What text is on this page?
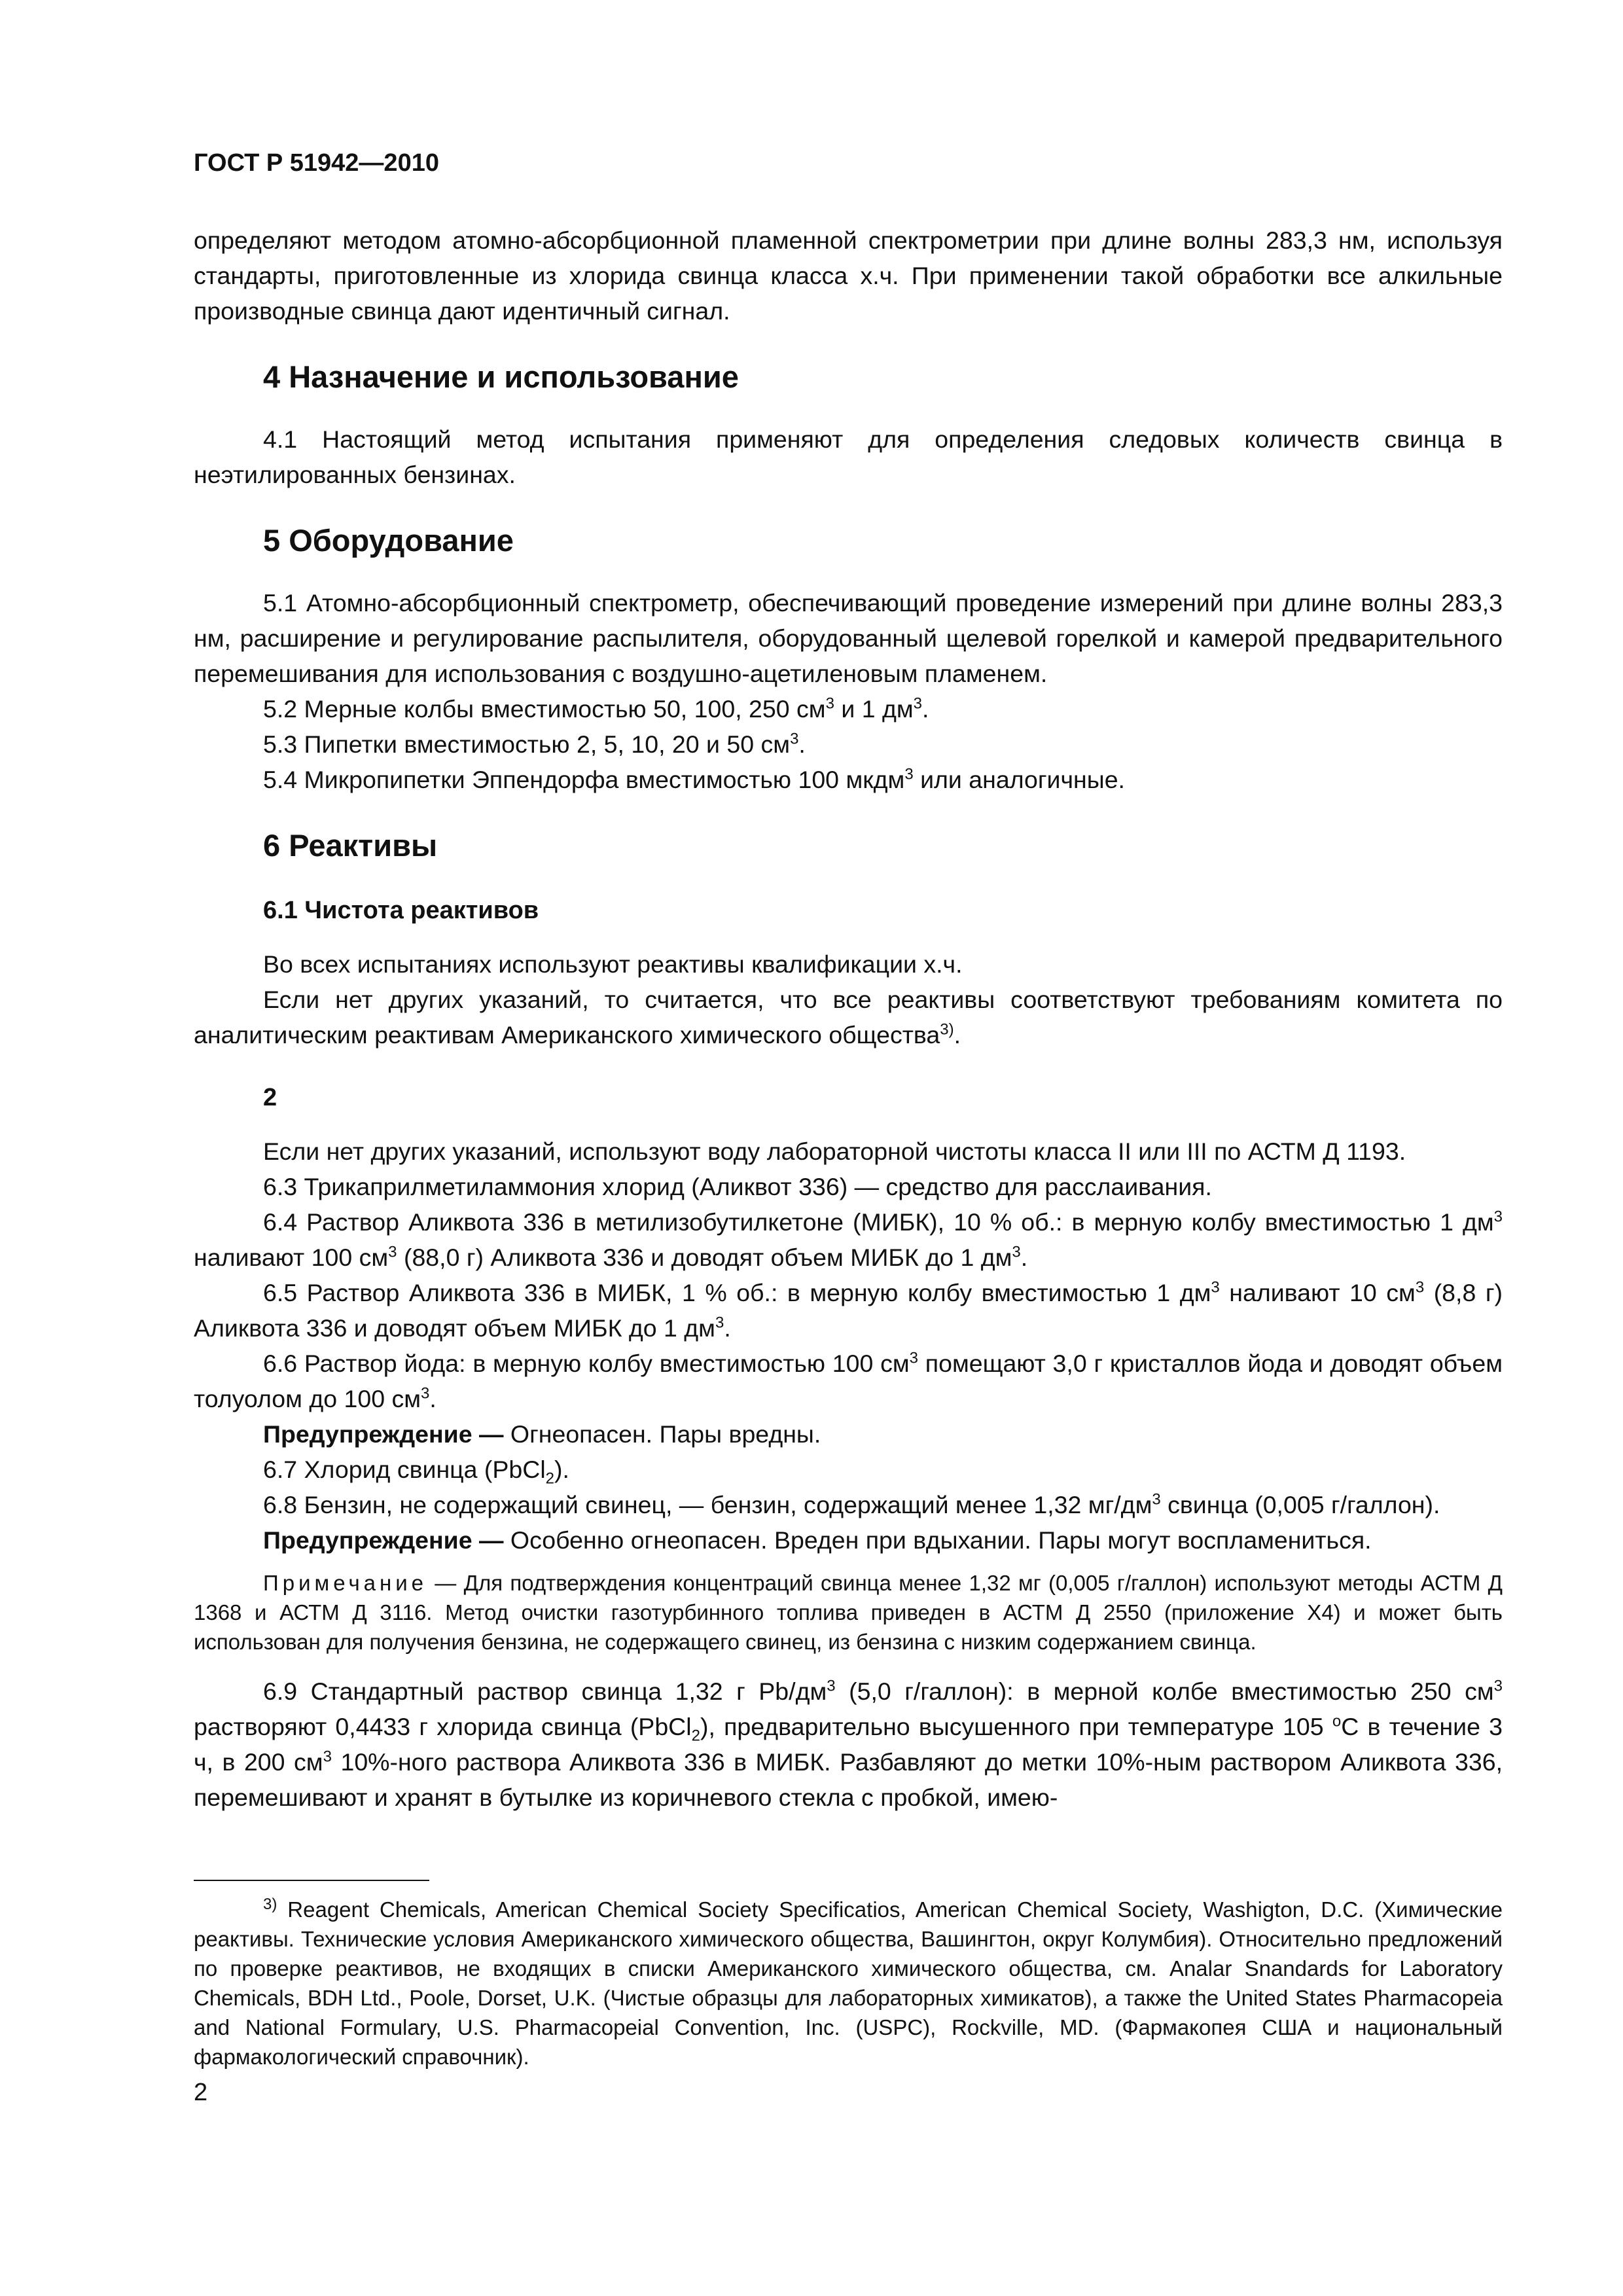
ГОСТ Р 51942—2010

определяют методом атомно-абсорбционной пламенной спектрометрии при длине волны 283,3 нм, используя стандарты, приготовленные из хлорида свинца класса х.ч. При применении такой обработки все алкильные производные свинца дают идентичный сигнал.

4 Назначение и использование

4.1 Настоящий метод испытания применяют для определения следовых количеств свинца в неэтилированных бензинах.

5 Оборудование

5.1 Атомно-абсорбционный спектрометр, обеспечивающий проведение измерений при длине волны 283,3 нм, расширение и регулирование распылителя, оборудованный щелевой горелкой и камерой предварительного перемешивания для использования с воздушно-ацетиленовым пламенем.

5.2 Мерные колбы вместимостью 50, 100, 250 $см^3$ и 1 $дм^3$.

5.3 Пипетки вместимостью 2, 5, 10, 20 и 50 $см^3$.

5.4 Микропипетки Эппендорфа вместимостью 100 мкдм$^3$ или аналогичные.

6 Реактивы
6.1 Чистота реактивов

Во всех испытаниях используют реактивы квалификации х.ч.

Если нет других указаний, то считается, что все реактивы соответствуют требованиям комитета по аналитическим реактивам Американского химического общества$^{3)}$.

2

Если нет других указаний, используют воду лабораторной чистоты класса II или III по АСТМ Д 1193.

6.3 Трикаприлметиламмония хлорид (Аликвот 336) — средство для расслаивания.

6.4 Раствор Аликвота 336 в метилизобутилкетоне (МИБК), 10 % об.: в мерную колбу вместимостью 1 $дм^3$ наливают 100 $см^3$ (88,0 г) Аликвота 336 и доводят объем МИБК до 1 $дм^3$.

6.5 Раствор Аликвота 336 в МИБК, 1 % об.: в мерную колбу вместимостью 1 $дм^3$ наливают 10 $см^3$ (8,8 г) Аликвота 336 и доводят объем МИБК до 1 $дм^3$.

6.6 Раствор йода: в мерную колбу вместимостью 100 $см^3$ помещают 3,0 г кристаллов йода и доводят объем толуолом до 100 $см^3$.

Предупреждение — Огнеопасен. Пары вредны.

6.7 Хлорид свинца (PbCl$_2$).

6.8 Бензин, не содержащий свинец, — бензин, содержащий менее 1,32 $мг/дм^3$ свинца (0,005 г/галлон).

Предупреждение — Особенно огнеопасен. Вреден при вдыхании. Пары могут воспламениться.

Примечание — Для подтверждения концентраций свинца менее 1,32 мг (0,005 г/галлон) используют методы АСТМ Д 1368 и АСТМ Д 3116. Метод очистки газотурбинного топлива приведен в АСТМ Д 2550 (приложение Х4) и может быть использован для получения бензина, не содержащего свинец, из бензина с низким содержанием свинца.

6.9 Стандартный раствор свинца 1,32 г $Pb/дм^3$ (5,0 г/галлон): в мерной колбе вместимостью 250 $см^3$ растворяют 0,4433 г хлорида свинца (PbCl$_2$), предварительно высушенного при температуре 105 $^о$С в течение 3 ч, в 200 $см^3$ 10%-ного раствора Аликвота 336 в МИБК. Разбавляют до метки 10%-ным раствором Аликвота 336, перемешивают и хранят в бутылке из коричневого стекла с пробкой, имею-

$^{3)}$ Reagent Chemicals, American Chemical Society Specificatios, American Chemical Society, Washigton, D.C. (Химические реактивы. Технические условия Американского химического общества, Вашингтон, округ Колумбия). Относительно предложений по проверке реактивов, не входящих в списки Американского химического общества, см. Analar Snandards for Laboratory Chemicals, BDH Ltd., Poole, Dorset, U.K. (Чистые образцы для лабораторных химикатов), а также the United States Pharmacopeia and National Formulary, U.S. Pharmacopeial Convention, Inc. (USPC), Rockville, MD. (Фармакопея США и национальный фармакологический справочник).

2
